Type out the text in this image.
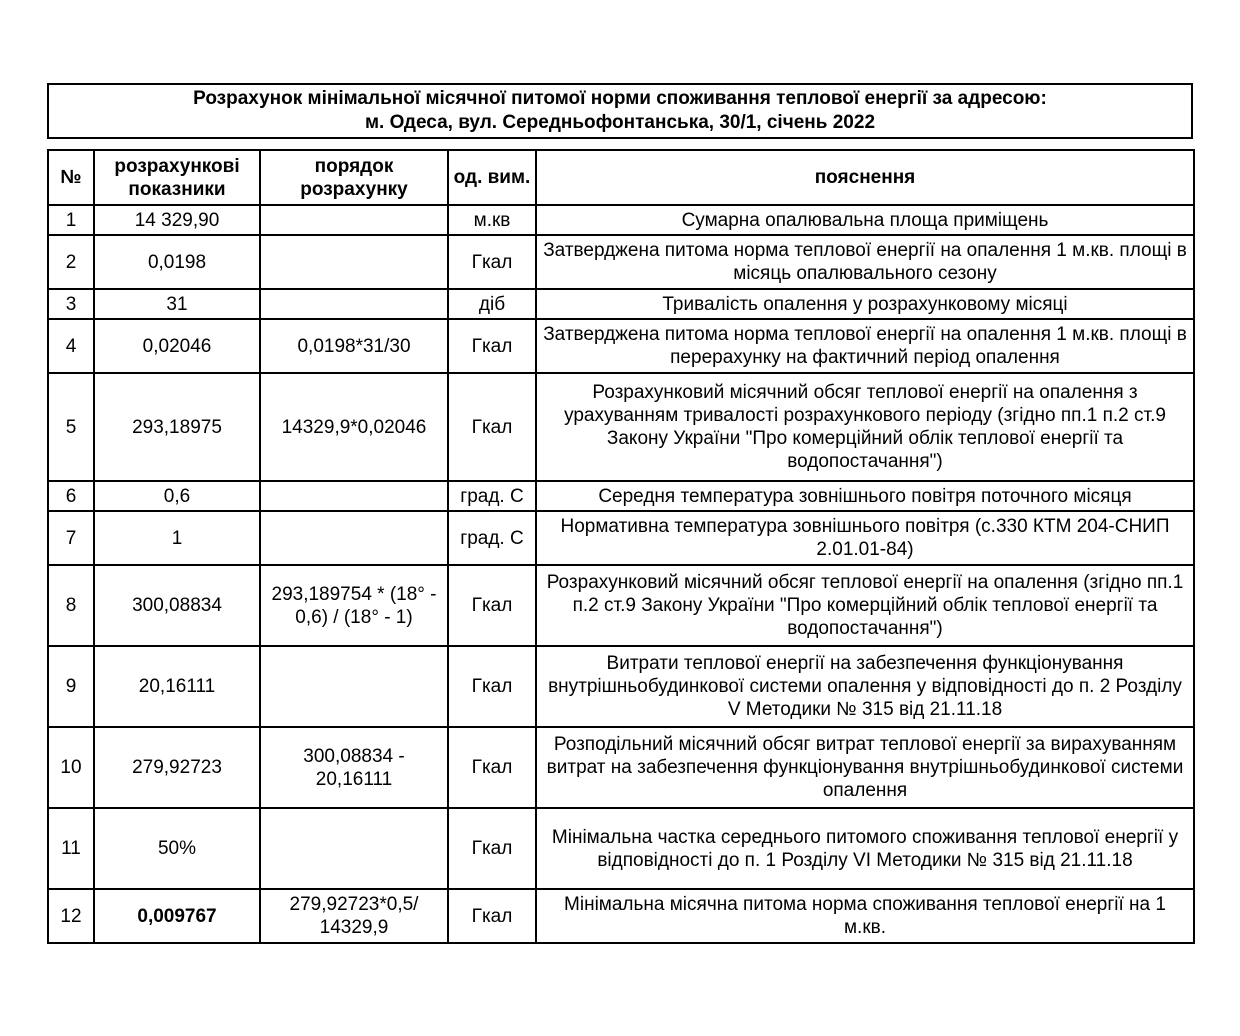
Розрахунок мінімальної місячної питомої норми споживання теплової енергії за адресою:
м. Одеса, вул. Середньофонтанська, 30/1, січень 2022
№	розрахункові показники	порядок розрахунку	од. вим.	пояснення
1	14 329,90		м.кв	Сумарна опалювальна площа приміщень
2	0,0198		Гкал	Затверджена питома норма теплової енергії на опалення 1 м.кв. площі в місяць опалювального сезону
3	31		діб	Тривалість опалення у розрахунковому місяці
4	0,02046	0,0198*31/30	Гкал	Затверджена питома норма теплової енергії на опалення 1 м.кв. площі в перерахунку на фактичний період опалення
5	293,18975	14329,9*0,02046	Гкал	Розрахунковий місячний обсяг теплової енергії на опалення з урахуванням тривалості розрахункового періоду (згідно пп.1 п.2 ст.9 Закону України "Про комерційний облік теплової енергії та водопостачання")
6	0,6		град. С	Середня температура зовнішнього повітря поточного місяця
7	1		град. С	Нормативна температура зовнішнього повітря (с.330 КТМ 204-СНИП 2.01.01-84)
8	300,08834	293,189754 * (18° - 0,6) / (18° - 1)	Гкал	Розрахунковий місячний обсяг теплової енергії на опалення (згідно пп.1 п.2 ст.9 Закону України "Про комерційний облік теплової енергії та водопостачання")
9	20,16111		Гкал	Витрати теплової енергії на забезпечення функціонування внутрішньобудинкової системи опалення у відповідності до п. 2 Розділу V Методики № 315 від 21.11.18
10	279,92723	300,08834 - 20,16111	Гкал	Розподільний місячний обсяг витрат теплової енергії за вирахуванням витрат на забезпечення функціонування внутрішньобудинкової системи опалення
11	50%		Гкал	Мінімальна частка середнього питомого споживання теплової енергії у відповідності до п. 1 Розділу VI Методики № 315 від 21.11.18
12	0,009767	279,92723*0,5/ 14329,9	Гкал	Мінімальна місячна питома норма споживання теплової енергії на 1 м.кв.
